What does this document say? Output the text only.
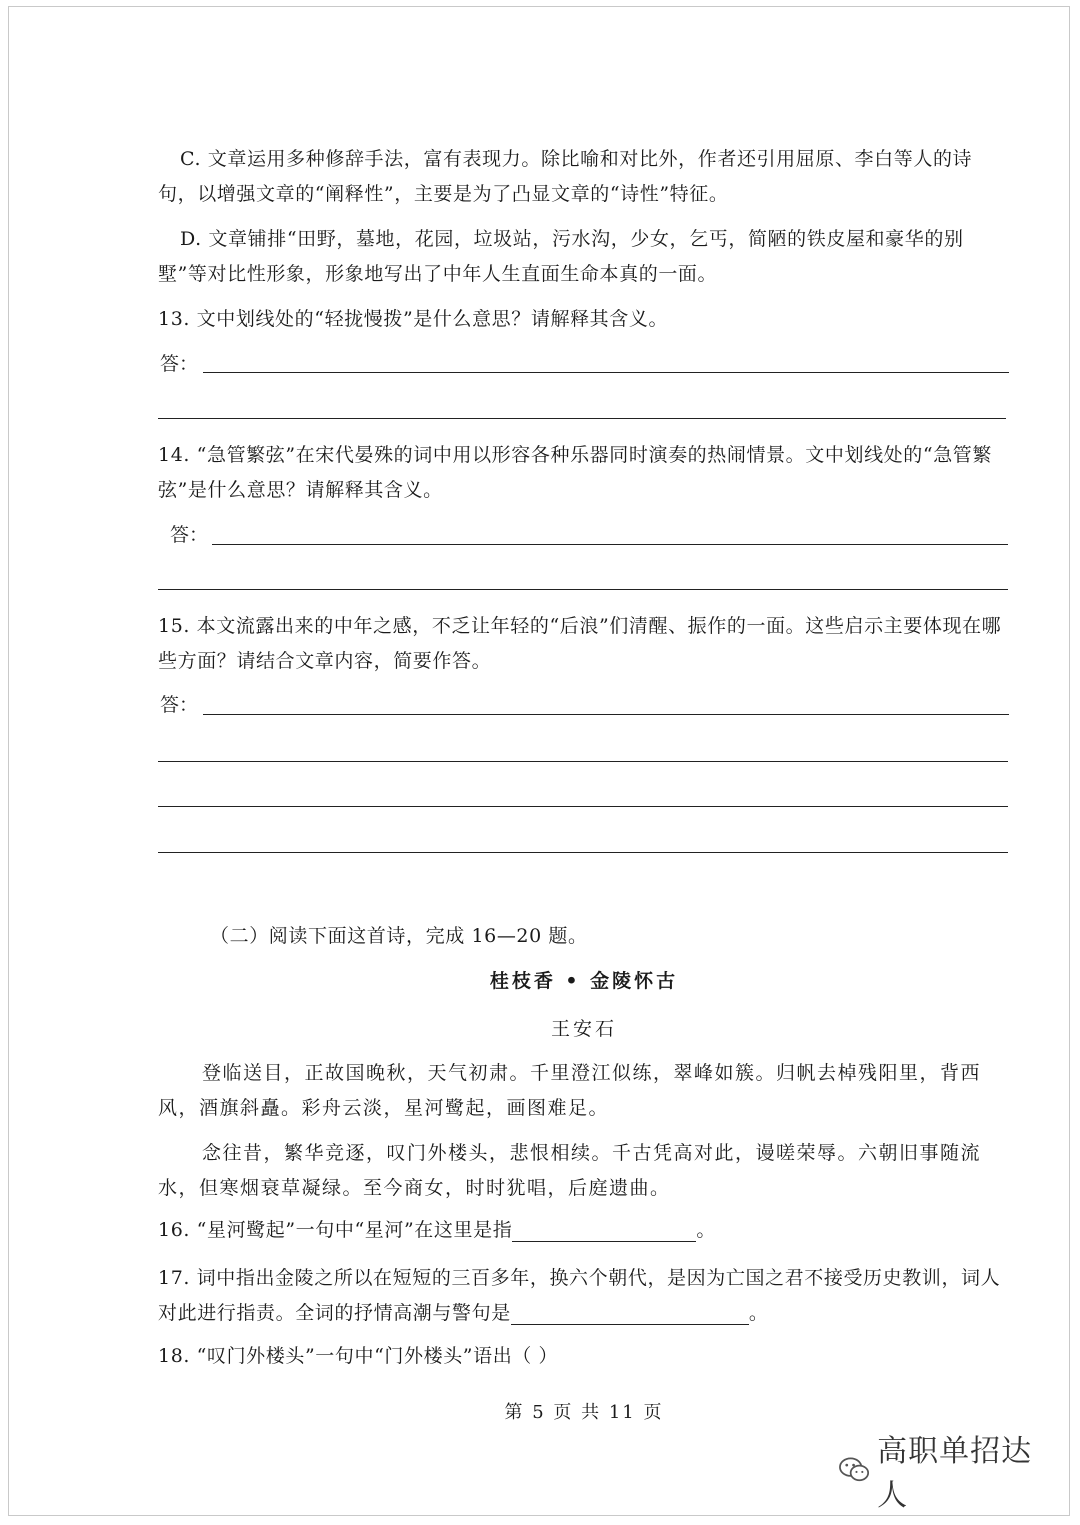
C. 文章运用多种修辞手法，富有表现力。除比喻和对比外，作者还引用屈原、李白等人的诗句，以增强文章的“阐释性”，主要是为了凸显文章的“诗性”特征。

D. 文章铺排“田野，墓地，花园，垃圾站，污水沟，少女，乞丐，简陋的铁皮屋和豪华的别墅”等对比性形象，形象地写出了中年人生直面生命本真的一面。

13. 文中划线处的“轻拢慢拨”是什么意思？请解释其含义。

答：

14. “急管繁弦”在宋代晏殊的词中用以形容各种乐器同时演奏的热闹情景。文中划线处的“急管繁弦”是什么意思？请解释其含义。

答：

15. 本文流露出来的中年之感，不乏让年轻的“后浪”们清醒、振作的一面。这些启示主要体现在哪些方面？请结合文章内容，简要作答。

答：

（二）阅读下面这首诗，完成 16—20 题。

桂枝香 • 金陵怀古
王安石

登临送目，正故国晚秋，天气初肃。千里澄江似练，翠峰如簇。归帆去棹残阳里，背西风，酒旗斜矗。彩舟云淡，星河鹭起，画图难足。

念往昔，繁华竞逐，叹门外楼头，悲恨相续。千古凭高对此，谩嗟荣辱。六朝旧事随流水，但寒烟衰草凝绿。至今商女，时时犹唱，后庭遗曲。

16. “星河鹭起”一句中“星河”在这里是指	。

17. 词中指出金陵之所以在短短的三百多年，换六个朝代，是因为亡国之君不接受历史教训，词人对此进行指责。全词的抒情高潮与警句是	。

18. “叹门外楼头”一句中“门外楼头”语出（ ）

第 5 页 共 11 页
高职单招达人
